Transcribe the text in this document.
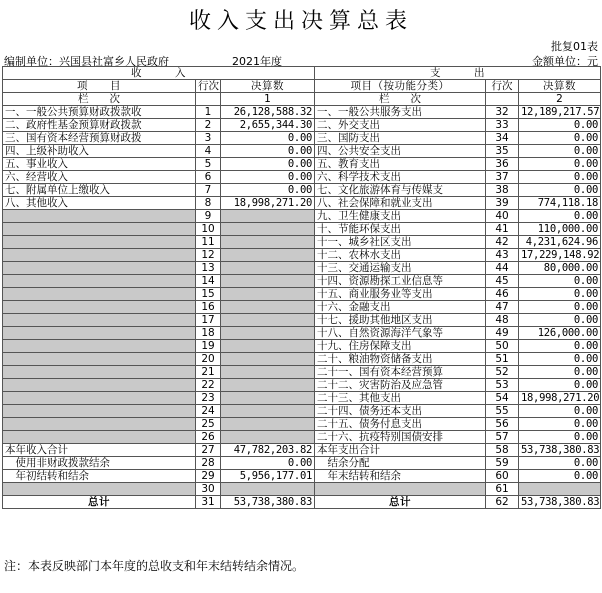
收入支出决算总表
批复01表
编制单位：兴国县社富乡人民政府	2021年度	金额单位：元
收　　　入			支　　　出		
项　　目	行次	决算数	项目（按功能分类）	行次	决算数
栏　　次		1	栏　　次		2
一、一般公共预算财政拨款收	1	26,128,588.32	一、一般公共服务支出	32	12,189,217.57
二、政府性基金预算财政拨款	2	2,655,344.30	二、外交支出	33	0.00
三、国有资本经营预算财政拨	3	0.00	三、国防支出	34	0.00
四、上级补助收入	4	0.00	四、公共安全支出	35	0.00
五、事业收入	5	0.00	五、教育支出	36	0.00
六、经营收入	6	0.00	六、科学技术支出	37	0.00
七、附属单位上缴收入	7	0.00	七、文化旅游体育与传媒支	38	0.00
八、其他收入	8	18,998,271.20	八、社会保障和就业支出	39	774,118.18
	9		九、卫生健康支出	40	0.00
	10		十、节能环保支出	41	110,000.00
	11		十一、城乡社区支出	42	4,231,624.96
	12		十二、农林水支出	43	17,229,148.92
	13		十三、交通运输支出	44	80,000.00
	14		十四、资源勘探工业信息等	45	0.00
	15		十五、商业服务业等支出	46	0.00
	16		十六、金融支出	47	0.00
	17		十七、援助其他地区支出	48	0.00
	18		十八、自然资源海洋气象等	49	126,000.00
	19		十九、住房保障支出	50	0.00
	20		二十、粮油物资储备支出	51	0.00
	21		二十一、国有资本经营预算	52	0.00
	22		二十二、灾害防治及应急管	53	0.00
	23		二十三、其他支出	54	18,998,271.20
	24		二十四、债务还本支出	55	0.00
	25		二十五、债务付息支出	56	0.00
	26		二十六、抗疫特别国债安排	57	0.00
本年收入合计	27	47,782,203.82	本年支出合计	58	53,738,380.83
　使用非财政拨款结余	28	0.00	　结余分配	59	0.00
　年初结转和结余	29	5,956,177.01	　年末结转和结余	60	0.00
	30			61	
总计	31	53,738,380.83	总计	62	53,738,380.83
注：本表反映部门本年度的总收支和年末结转结余情况。
